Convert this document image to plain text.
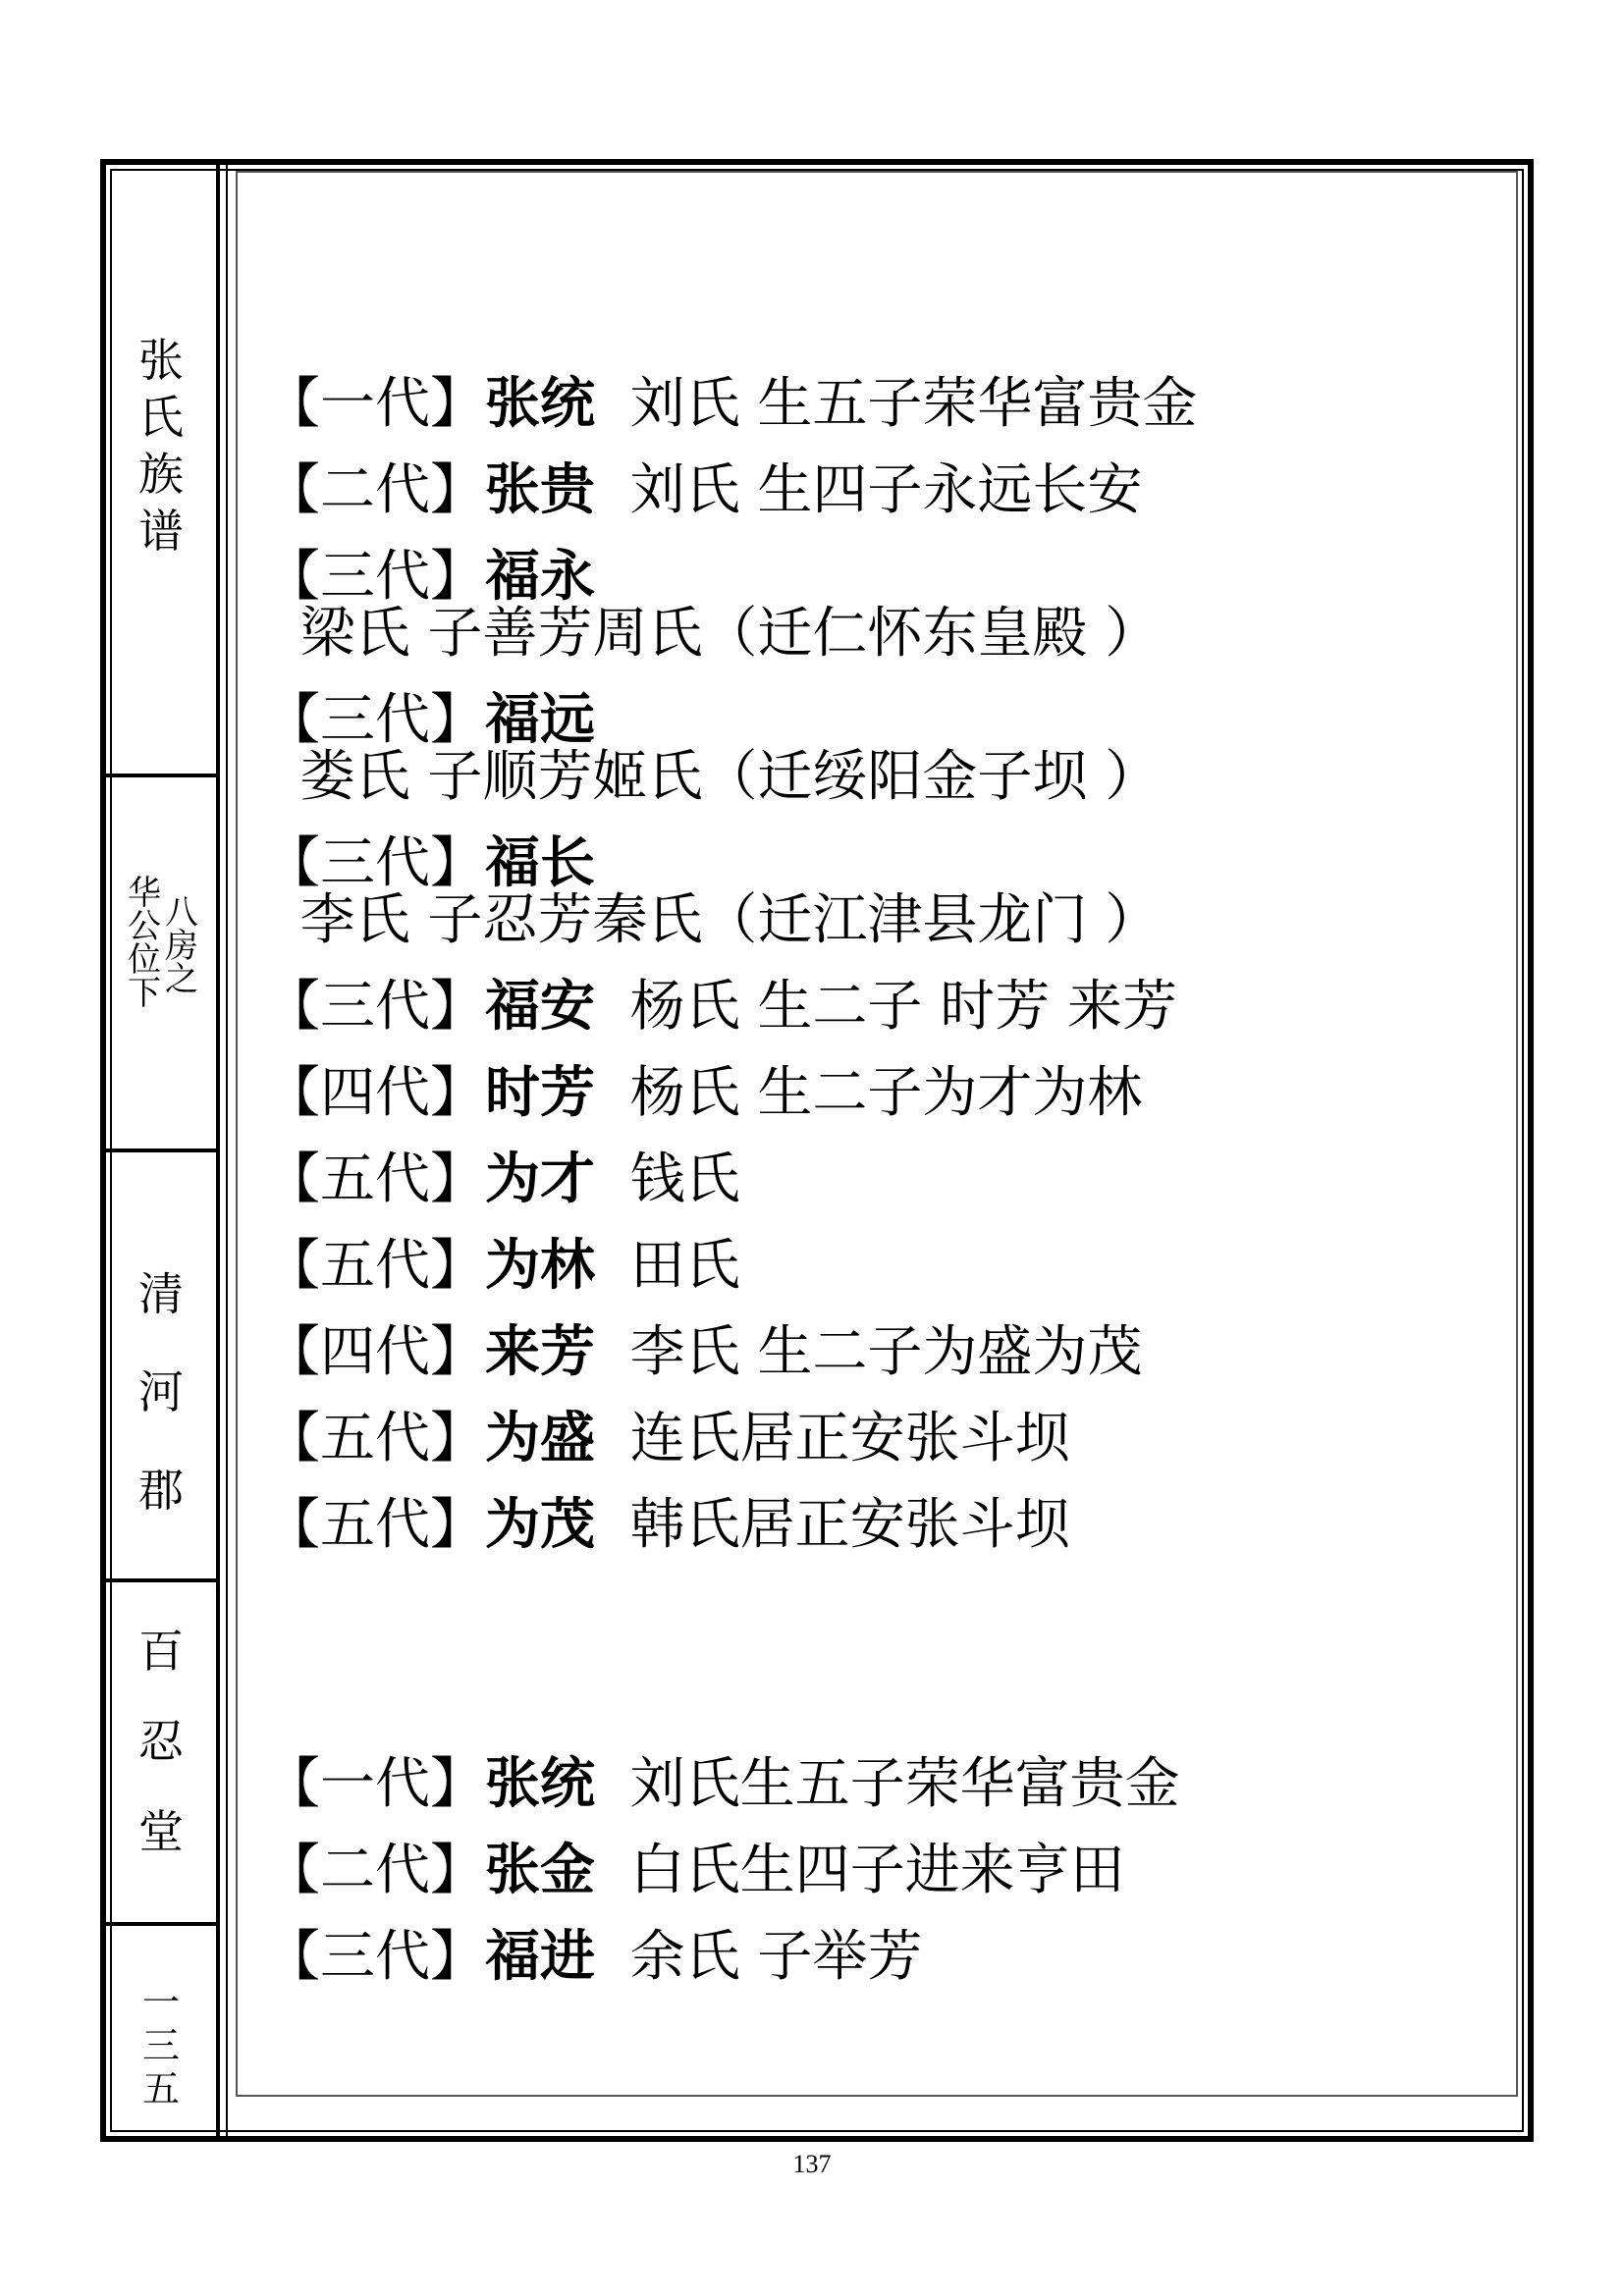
张氏族谱
八房之
华公位下
清河郡
百忍堂
一三五
【一代】张统 刘氏 生五子荣华富贵金
【二代】张贵 刘氏 生四子永远长安
【三代】福永  梁氏 子善芳周氏（迁仁怀东皇殿 ）
【三代】福远  娄氏 子顺芳姬氏（迁绥阳金子坝 ）
【三代】福长  李氏 子忍芳秦氏（迁江津县龙门 ）
【三代】福安 杨氏 生二子 时芳 来芳
【四代】时芳 杨氏 生二子为才为林
【五代】为才 钱氏
【五代】为林 田氏
【四代】来芳 李氏 生二子为盛为茂
【五代】为盛 连氏居正安张斗坝
【五代】为茂 韩氏居正安张斗坝
【一代】张统 刘氏生五子荣华富贵金
【二代】张金 白氏生四子进来亨田
【三代】福进 余氏 子举芳
137
